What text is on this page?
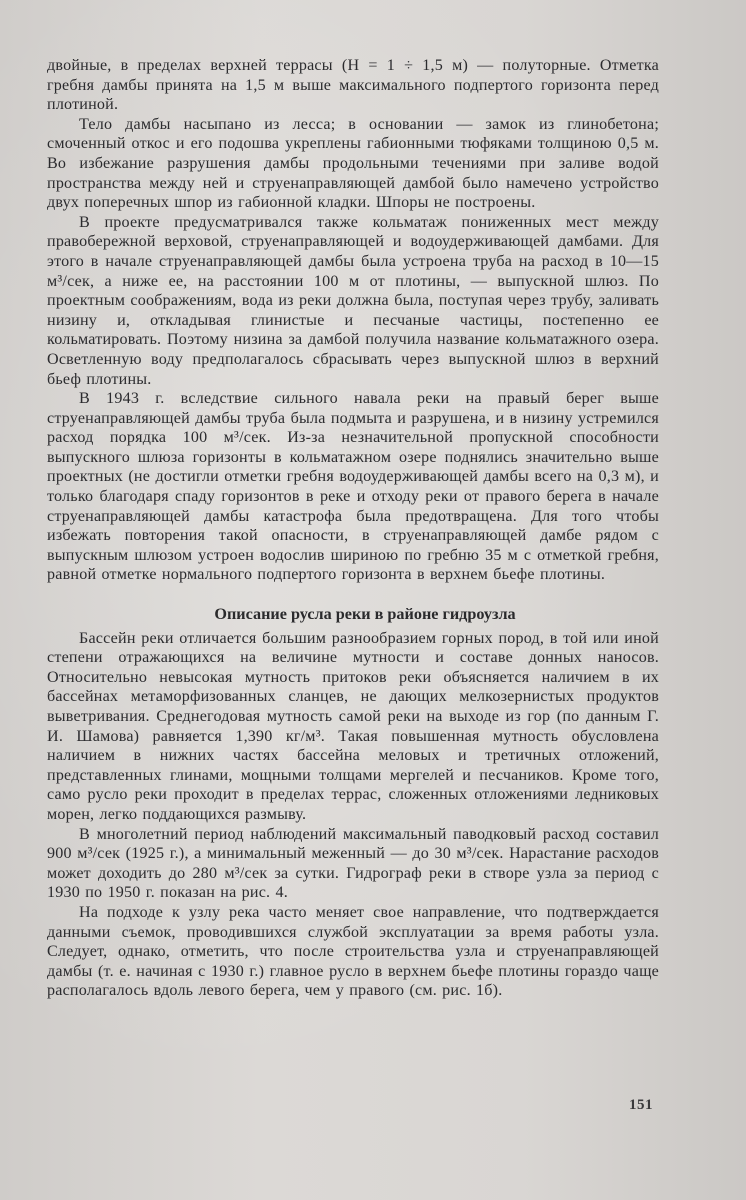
двойные, в пределах верхней террасы (H = 1 ÷ 1,5 м) — полуторные. Отметка гребня дамбы принята на 1,5 м выше максимального подпертого горизонта перед плотиной.

Тело дамбы насыпано из лесса; в основании — замок из глинобетона; смоченный откос и его подошва укреплены габионными тюфяками толщиною 0,5 м. Во избежание разрушения дамбы продольными течениями при заливе водой пространства между ней и струенаправляющей дамбой было намечено устройство двух поперечных шпор из габионной кладки. Шпоры не построены.

В проекте предусматривался также кольматаж пониженных мест между правобережной верховой, струенаправляющей и водоудерживающей дамбами. Для этого в начале струенаправляющей дамбы была устроена труба на расход в 10—15 м³/сек, а ниже ее, на расстоянии 100 м от плотины, — выпускной шлюз. По проектным соображениям, вода из реки должна была, поступая через трубу, заливать низину и, откладывая глинистые и песчаные частицы, постепенно ее кольматировать. Поэтому низина за дамбой получила название кольматажного озера. Осветленную воду предполагалось сбрасывать через выпускной шлюз в верхний бьеф плотины.

В 1943 г. вследствие сильного навала реки на правый берег выше струенаправляющей дамбы труба была подмыта и разрушена, и в низину устремился расход порядка 100 м³/сек. Из-за незначительной пропускной способности выпускного шлюза горизонты в кольматажном озере поднялись значительно выше проектных (не достигли отметки гребня водоудерживающей дамбы всего на 0,3 м), и только благодаря спаду горизонтов в реке и отходу реки от правого берега в начале струенаправляющей дамбы катастрофа была предотвращена. Для того чтобы избежать повторения такой опасности, в струенаправляющей дамбе рядом с выпускным шлюзом устроен водослив шириною по гребню 35 м с отметкой гребня, равной отметке нормального подпертого горизонта в верхнем бьефе плотины.

Описание русла реки в районе гидроузла

Бассейн реки отличается большим разнообразием горных пород, в той или иной степени отражающихся на величине мутности и составе донных наносов. Относительно невысокая мутность притоков реки объясняется наличием в их бассейнах метаморфизованных сланцев, не дающих мелкозернистых продуктов выветривания. Среднегодовая мутность самой реки на выходе из гор (по данным Г. И. Шамова) равняется 1,390 кг/м³. Такая повышенная мутность обусловлена наличием в нижних частях бассейна меловых и третичных отложений, представленных глинами, мощными толщами мергелей и песчаников. Кроме того, само русло реки проходит в пределах террас, сложенных отложениями ледниковых морен, легко поддающихся размыву.

В многолетний период наблюдений максимальный паводковый расход составил 900 м³/сек (1925 г.), а минимальный меженный — до 30 м³/сек. Нарастание расходов может доходить до 280 м³/сек за сутки. Гидрограф реки в створе узла за период с 1930 по 1950 г. показан на рис. 4.

На подходе к узлу река часто меняет свое направление, что подтверждается данными съемок, проводившихся службой эксплуатации за время работы узла. Следует, однако, отметить, что после строительства узла и струенаправляющей дамбы (т. е. начиная с 1930 г.) главное русло в верхнем бьефе плотины гораздо чаще располагалось вдоль левого берега, чем у правого (см. рис. 1б).

151
